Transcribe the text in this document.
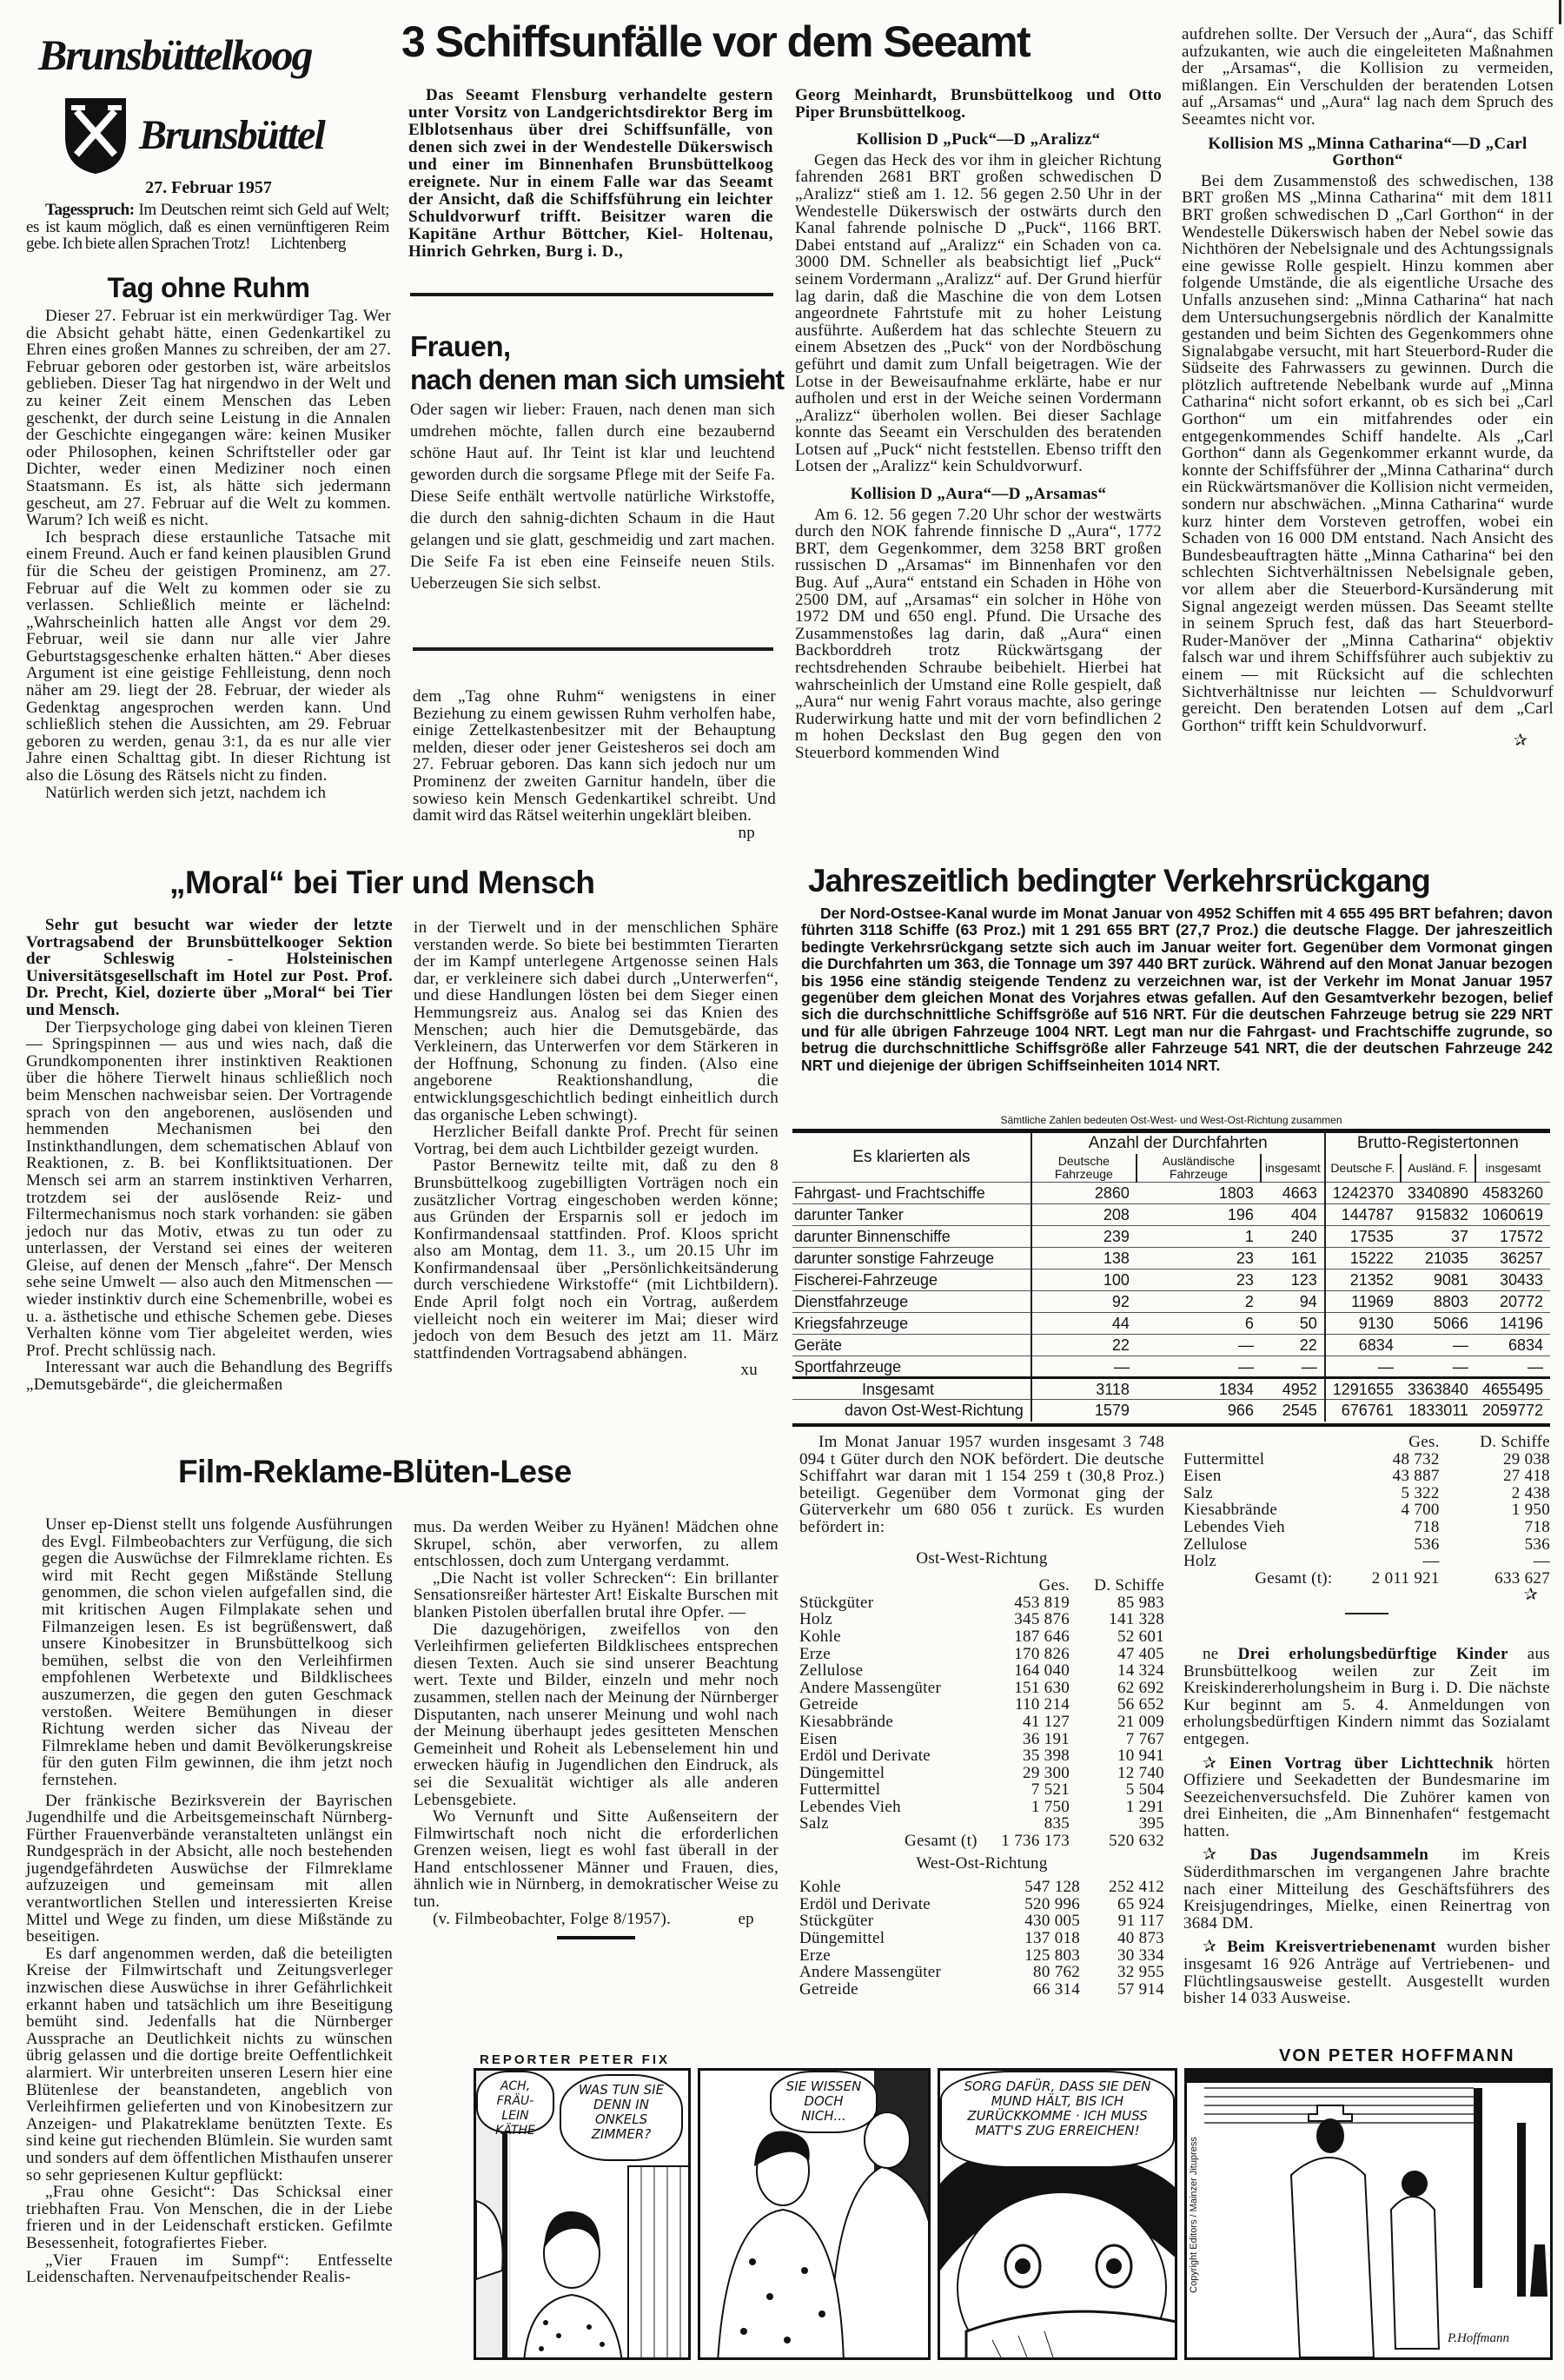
Brunsbüttelkoog
Brunsbüttel
27. Februar 1957

Tagesspruch: Im Deutschen reimt sich Geld auf Welt; es ist kaum möglich, daß es einen vernünftigeren Reim gebe. Ich biete allen Sprachen Trotz!	Lichtenberg

Tag ohne Ruhm

Dieser 27. Februar ist ein merkwürdiger Tag. Wer die Absicht gehabt hätte, einen Gedenkartikel zu Ehren eines großen Mannes zu schreiben, der am 27. Februar geboren oder gestorben ist, wäre arbeitslos geblieben. Dieser Tag hat nirgendwo in der Welt und zu keiner Zeit einem Menschen das Leben geschenkt, der durch seine Leistung in die Annalen der Geschichte eingegangen wäre: keinen Musiker oder Philosophen, keinen Schriftsteller oder gar Dichter, weder einen Mediziner noch einen Staatsmann. Es ist, als hätte sich jedermann gescheut, am 27. Februar auf die Welt zu kommen. Warum? Ich weiß es nicht.

Ich besprach diese erstaunliche Tatsache mit einem Freund. Auch er fand keinen plausiblen Grund für die Scheu der geistigen Prominenz, am 27. Februar auf die Welt zu kommen oder sie zu verlassen. Schließlich meinte er lächelnd: „Wahrscheinlich hatten alle Angst vor dem 29. Februar, weil sie dann nur alle vier Jahre Geburtstagsgeschenke erhalten hätten.“ Aber dieses Argument ist eine geistige Fehlleistung, denn noch näher am 29. liegt der 28. Februar, der wieder als Gedenktag angesprochen werden kann. Und schließlich stehen die Aussichten, am 29. Februar geboren zu werden, genau 3:1, da es nur alle vier Jahre einen Schalttag gibt. In dieser Richtung ist also die Lösung des Rätsels nicht zu finden.

Natürlich werden sich jetzt, nachdem ich

3 Schiffsunfälle vor dem Seeamt
Das Seeamt Flensburg verhandelte gestern unter Vorsitz von Landgerichtsdirektor Berg im Elblotsenhaus über drei Schiffsunfälle, von denen sich zwei in der Wendestelle Dükerswisch und einer im Binnenhafen Brunsbüttelkoog ereignete. Nur in einem Falle war das Seeamt der Ansicht, daß die Schiffsführung ein leichter Schuldvorwurf trifft. Beisitzer waren die Kapitäne Arthur Böttcher, Kiel- Holtenau, Hinrich Gehrken, Burg i. D.,

Georg Meinhardt, Brunsbüttelkoog und Otto Piper Brunsbüttelkoog.

Kollision D „Puck“—D „Aralizz“

Gegen das Heck des vor ihm in gleicher Richtung fahrenden 2681 BRT großen schwedischen D „Aralizz“ stieß am 1. 12. 56 gegen 2.50 Uhr in der Wendestelle Dükerswisch der ostwärts durch den Kanal fahrende polnische D „Puck“, 1166 BRT. Dabei entstand auf „Aralizz“ ein Schaden von ca. 3000 DM. Schneller als beabsichtigt lief „Puck“ seinem Vordermann „Aralizz“ auf. Der Grund hierfür lag darin, daß die Maschine die von dem Lotsen angeordnete Fahrtstufe mit zu hoher Leistung ausführte. Außerdem hat das schlechte Steuern zu einem Absetzen des „Puck“ von der Nordböschung geführt und damit zum Unfall beigetragen. Wie der Lotse in der Beweisaufnahme erklärte, habe er nur aufholen und erst in der Weiche seinen Vordermann „Aralizz“ überholen wollen. Bei dieser Sachlage konnte das Seeamt ein Verschulden des beratenden Lotsen auf „Puck“ nicht feststellen. Ebenso trifft den Lotsen der „Aralizz“ kein Schuldvorwurf.

Kollision D „Aura“—D „Arsamas“

Am 6. 12. 56 gegen 7.20 Uhr schor der westwärts durch den NOK fahrende finnische D „Aura“, 1772 BRT, dem Gegenkommer, dem 3258 BRT großen russischen D „Arsamas“ im Binnenhafen vor den Bug. Auf „Aura“ entstand ein Schaden in Höhe von 2500 DM, auf „Arsamas“ ein solcher in Höhe von 1972 DM und 650 engl. Pfund. Die Ursache des Zusammenstoßes lag darin, daß „Aura“ einen Backborddreh trotz Rückwärtsgang der rechtsdrehenden Schraube beibehielt. Hierbei hat wahrscheinlich der Umstand eine Rolle gespielt, daß „Aura“ nur wenig Fahrt voraus machte, also geringe Ruderwirkung hatte und mit der vorn befindlichen 2 m hohen Deckslast den Bug gegen den von Steuerbord kommenden Wind

aufdrehen sollte. Der Versuch der „Aura“, das Schiff aufzukanten, wie auch die eingeleiteten Maßnahmen der „Arsamas“, die Kollision zu vermeiden, mißlangen. Ein Verschulden der beratenden Lotsen auf „Arsamas“ und „Aura“ lag nach dem Spruch des Seeamtes nicht vor.

Kollision MS „Minna Catharina“—D „Carl Gorthon“

Bei dem Zusammenstoß des schwedischen, 138 BRT großen MS „Minna Catharina“ mit dem 1811 BRT großen schwedischen D „Carl Gorthon“ in der Wendestelle Dükerswisch haben der Nebel sowie das Nichthören der Nebelsignale und des Achtungssignals eine gewisse Rolle gespielt. Hinzu kommen aber folgende Umstände, die als eigentliche Ursache des Unfalls anzusehen sind: „Minna Catharina“ hat nach dem Untersuchungsergebnis nördlich der Kanalmitte gestanden und beim Sichten des Gegenkommers ohne Signalabgabe versucht, mit hart Steuerbord-Ruder die Südseite des Fahrwassers zu gewinnen. Durch die plötzlich auftretende Nebelbank wurde auf „Minna Catharina“ nicht sofort erkannt, ob es sich bei „Carl Gorthon“ um ein mitfahrendes oder ein entgegenkommendes Schiff handelte. Als „Carl Gorthon“ dann als Gegenkommer erkannt wurde, da konnte der Schiffsführer der „Minna Catharina“ durch ein Rückwärtsmanöver die Kollision nicht vermeiden, sondern nur abschwächen. „Minna Catharina“ wurde kurz hinter dem Vorsteven getroffen, wobei ein Schaden von 16 000 DM entstand. Nach Ansicht des Bundesbeauftragten hätte „Minna Catharina“ bei den schlechten Sichtverhältnissen Nebelsignale geben, vor allem aber die Steuerbord-Kursänderung mit Signal angezeigt werden müssen. Das Seeamt stellte in seinem Spruch fest, daß das hart Steuerbord-Ruder-Manöver der „Minna Catharina“ objektiv falsch war und ihrem Schiffsführer auch subjektiv zu einem — mit Rücksicht auf die schlechten Sichtverhältnisse nur leichten — Schuldvorwurf gereicht. Den beratenden Lotsen auf dem „Carl Gorthon“ trifft kein Schuldvorwurf.

✰
Frauen,
nach denen man sich umsieht
Oder sagen wir lieber: Frauen, nach denen man sich umdrehen möchte, fallen durch eine bezaubernd schöne Haut auf. Ihr Teint ist klar und leuchtend geworden durch die sorgsame Pflege mit der Seife Fa. Diese Seife enthält wertvolle natürliche Wirkstoffe, die durch den sahnig-dichten Schaum in die Haut gelangen und sie glatt, geschmeidig und zart machen. Die Seife Fa ist eben eine Feinseife neuen Stils. Ueberzeugen Sie sich selbst.

dem „Tag ohne Ruhm“ wenigstens in einer Beziehung zu einem gewissen Ruhm verholfen habe, einige Zettelkastenbesitzer mit der Behauptung melden, dieser oder jener Geistesheros sei doch am 27. Februar geboren. Das kann sich jedoch nur um Prominenz der zweiten Garnitur handeln, über die sowieso kein Mensch Gedenkartikel schreibt. Und damit wird das Rätsel weiterhin ungeklärt bleiben.

np
„Moral“ bei Tier und Mensch

Sehr gut besucht war wieder der letzte Vortragsabend der Brunsbüttelkooger Sektion der Schleswig - Holsteinischen Universitätsgesellschaft im Hotel zur Post. Prof. Dr. Precht, Kiel, dozierte über „Moral“ bei Tier und Mensch.

Der Tierpsychologe ging dabei von kleinen Tieren — Springspinnen — aus und wies nach, daß die Grundkomponenten ihrer instinktiven Reaktionen über die höhere Tierwelt hinaus schließlich noch beim Menschen nachweisbar seien. Der Vortragende sprach von den angeborenen, auslösenden und hemmenden Mechanismen bei den Instinkthandlungen, dem schematischen Ablauf von Reaktionen, z. B. bei Konfliktsituationen. Der Mensch sei arm an starrem instinktiven Verharren, trotzdem sei der auslösende Reiz- und Filtermechanismus noch stark vorhanden: sie gäben jedoch nur das Motiv, etwas zu tun oder zu unterlassen, der Verstand sei eines der weiteren Gleise, auf denen der Mensch „fahre“. Der Mensch sehe seine Umwelt — also auch den Mitmenschen — wieder instinktiv durch eine Schemenbrille, wobei es u. a. ästhetische und ethische Schemen gebe. Dieses Verhalten könne vom Tier abgeleitet werden, wies Prof. Precht schlüssig nach.

Interessant war auch die Behandlung des Begriffs „Demutsgebärde“, die gleichermaßen

in der Tierwelt und in der menschlichen Sphäre verstanden werde. So biete bei bestimmten Tierarten der im Kampf unterlegene Artgenosse seinen Hals dar, er verkleinere sich dabei durch „Unterwerfen“, und diese Handlungen lösten bei dem Sieger einen Hemmungsreiz aus. Analog sei das Knien des Menschen; auch hier die Demutsgebärde, das Verkleinern, das Unterwerfen vor dem Stärkeren in der Hoffnung, Schonung zu finden. (Also eine angeborene Reaktionshandlung, die entwicklungsgeschichtlich bedingt einheitlich durch das organische Leben schwingt).

Herzlicher Beifall dankte Prof. Precht für seinen Vortrag, bei dem auch Lichtbilder gezeigt wurden.

Pastor Bernewitz teilte mit, daß zu den 8 Brunsbüttelkoog zugebilligten Vorträgen noch ein zusätzlicher Vortrag eingeschoben werden könne; aus Gründen der Ersparnis soll er jedoch im Konfirmandensaal stattfinden. Prof. Kloos spricht also am Montag, dem 11. 3., um 20.15 Uhr im Konfirmandensaal über „Persönlichkeitsänderung durch verschiedene Wirkstoffe“ (mit Lichtbildern). Ende April folgt noch ein Vortrag, außerdem vielleicht noch ein weiterer im Mai; dieser wird jedoch von dem Besuch des jetzt am 11. März stattfindenden Vortragsabend abhängen.

xu
Jahreszeitlich bedingter Verkehrsrückgang
Der Nord-Ostsee-Kanal wurde im Monat Januar von 4952 Schiffen mit 4 655 495 BRT befahren; davon führten 3118 Schiffe (63 Proz.) mit 1 291 655 BRT (27,7 Proz.) die deutsche Flagge. Der jahreszeitlich bedingte Verkehrsrückgang setzte sich auch im Januar weiter fort. Gegenüber dem Vormonat gingen die Durchfahrten um 363, die Tonnage um 397 440 BRT zurück. Während auf den Monat Januar bezogen bis 1956 eine ständig steigende Tendenz zu verzeichnen war, ist der Verkehr im Monat Januar 1957 gegenüber dem gleichen Monat des Vorjahres etwas gefallen. Auf den Gesamtverkehr bezogen, belief sich die durchschnittliche Schiffsgröße auf 516 NRT. Für die deutschen Fahrzeuge betrug sie 229 NRT und für alle übrigen Fahrzeuge 1004 NRT. Legt man nur die Fahrgast- und Frachtschiffe zugrunde, so betrug die durchschnittliche Schiffsgröße aller Fahrzeuge 541 NRT, die der deutschen Fahrzeuge 242 NRT und diejenige der übrigen Schiffseinheiten 1014 NRT.
Sämtliche Zahlen bedeuten Ost-West- und West-Ost-Richtung zusammen
Es klarierten als	Anzahl der Durchfahrten			Brutto-Registertonnen		
	Deutsche Fahrzeuge	Ausländische Fahrzeuge	insgesamt	Deutsche F.	Ausländ. F.	insgesamt
Fahrgast- und Frachtschiffe	2860	1803	4663	1242370	3340890	4583260
darunter Tanker	208	196	404	144787	915832	1060619
darunter Binnenschiffe	239	1	240	17535	37	17572
darunter sonstige Fahrzeuge	138	23	161	15222	21035	36257
Fischerei-Fahrzeuge	100	23	123	21352	9081	30433
Dienstfahrzeuge	92	2	94	11969	8803	20772
Kriegsfahrzeuge	44	6	50	9130	5066	14196
Geräte	22	—	22	6834	—	6834
Sportfahrzeuge	—	—	—	—	—	—
Insgesamt	3118	1834	4952	1291655	3363840	4655495
davon Ost-West-Richtung	1579	966	2545	676761	1833011	2059772

Im Monat Januar 1957 wurden insgesamt 3 748 094 t Güter durch den NOK befördert. Die deutsche Schiffahrt war daran mit 1 154 259 t (30,8 Proz.) beteiligt. Gegenüber dem Vormonat ging der Güterverkehr um 680 056 t zurück. Es wurden befördert in:

Ost-West-Richtung
	Ges.	D. Schiffe
Stückgüter	453 819	85 983
Holz	345 876	141 328
Kohle	187 646	52 601
Erze	170 826	47 405
Zellulose	164 040	14 324
Andere Massengüter	151 630	62 692
Getreide	110 214	56 652
Kiesabbrände	41 127	21 009
Eisen	36 191	7 767
Erdöl und Derivate	35 398	10 941
Düngemittel	29 300	12 740
Futtermittel	7 521	5 504
Lebendes Vieh	1 750	1 291
Salz	835	395
Gesamt (t)	1 736 173	520 632
West-Ost-Richtung
Kohle	547 128	252 412
Erdöl und Derivate	520 996	65 924
Stückgüter	430 005	91 117
Düngemittel	137 018	40 873
Erze	125 803	30 334
Andere Massengüter	80 762	32 955
Getreide	66 314	57 914
	Ges.	D. Schiffe
Futtermittel	48 732	29 038
Eisen	43 887	27 418
Salz	5 322	2 438
Kiesabbrände	4 700	1 950
Lebendes Vieh	718	718
Zellulose	536	536
Holz	—	—
Gesamt (t):	2 011 921	633 627
✰

ne Drei erholungsbedürftige Kinder aus Brunsbüttelkoog weilen zur Zeit im Kreiskindererholungsheim in Burg i. D. Die nächste Kur beginnt am 5. 4. Anmeldungen von erholungsbedürftigen Kindern nimmt das Sozialamt entgegen.

✰ Einen Vortrag über Lichttechnik hörten Offiziere und Seekadetten der Bundesmarine im Seezeichenversuchsfeld. Die Zuhörer kamen von drei Einheiten, die „Am Binnenhafen“ festgemacht hatten.

✰ Das Jugendsammeln im Kreis Süderdithmarschen im vergangenen Jahre brachte nach einer Mitteilung des Geschäftsführers des Kreisjugendringes, Mielke, einen Reinertrag von 3684 DM.

✰ Beim Kreisvertriebenenamt wurden bisher insgesamt 16 926 Anträge auf Vertriebenen- und Flüchtlingsausweise gestellt. Ausgestellt wurden bisher 14 033 Ausweise.

Film-Reklame-Blüten-Lese

Unser ep-Dienst stellt uns folgende Ausführungen des Evgl. Filmbeobachters zur Verfügung, die sich gegen die Auswüchse der Filmreklame richten. Es wird mit Recht gegen Mißstände Stellung genommen, die schon vielen aufgefallen sind, die mit kritischen Augen Filmplakate sehen und Filmanzeigen lesen. Es ist begrüßenswert, daß unsere Kinobesitzer in Brunsbüttelkoog sich bemühen, selbst die von den Verleihfirmen empfohlenen Werbetexte und Bildklischees auszumerzen, die gegen den guten Geschmack verstoßen. Weitere Bemühungen in dieser Richtung werden sicher das Niveau der Filmreklame heben und damit Bevölkerungskreise für den guten Film gewinnen, die ihm jetzt noch fernstehen.

Der fränkische Bezirksverein der Bayrischen Jugendhilfe und die Arbeitsgemeinschaft Nürnberg-Fürther Frauenverbände veranstalteten unlängst ein Rundgespräch in der Absicht, alle noch bestehenden jugendgefährdeten Auswüchse der Filmreklame aufzuzeigen und gemeinsam mit allen verantwortlichen Stellen und interessierten Kreise Mittel und Wege zu finden, um diese Mißstände zu beseitigen.

Es darf angenommen werden, daß die beteiligten Kreise der Filmwirtschaft und Zeitungsverleger inzwischen diese Auswüchse in ihrer Gefährlichkeit erkannt haben und tatsächlich um ihre Beseitigung bemüht sind. Jedenfalls hat die Nürnberger Aussprache an Deutlichkeit nichts zu wünschen übrig gelassen und die dortige breite Oeffentlichkeit alarmiert. Wir unterbreiten unseren Lesern hier eine Blütenlese der beanstandeten, angeblich von Verleihfirmen gelieferten und von Kinobesitzern zur Anzeigen- und Plakatreklame benützten Texte. Es sind keine gut riechenden Blümlein. Sie wurden samt und sonders auf dem öffentlichen Misthaufen unserer so sehr gepriesenen Kultur gepflückt:

„Frau ohne Gesicht“: Das Schicksal einer triebhaften Frau. Von Menschen, die in der Liebe frieren und in der Leidenschaft ersticken. Gefilmte Besessenheit, fotografiertes Fieber.

„Vier Frauen im Sumpf“: Entfesselte Leidenschaften. Nervenaufpeitschender Realis-

mus. Da werden Weiber zu Hyänen! Mädchen ohne Skrupel, schön, aber verworfen, zu allem entschlossen, doch zum Untergang verdammt.

„Die Nacht ist voller Schrecken“: Ein brillanter Sensationsreißer härtester Art! Eiskalte Burschen mit blanken Pistolen überfallen brutal ihre Opfer. —

Die dazugehörigen, zweifellos von den Verleihfirmen gelieferten Bildklischees entsprechen diesen Texten. Auch sie sind unserer Beachtung wert. Texte und Bilder, einzeln und mehr noch zusammen, stellen nach der Meinung der Nürnberger Disputanten, nach unserer Meinung und wohl nach der Meinung überhaupt jedes gesitteten Menschen Gemeinheit und Roheit als Lebenselement hin und erwecken häufig in Jugendlichen den Eindruck, als sei die Sexualität wichtiger als alle anderen Lebensgebiete.

Wo Vernunft und Sitte Außenseitern der Filmwirtschaft noch nicht die erforderlichen Grenzen weisen, liegt es wohl fast überall in der Hand entschlossener Männer und Frauen, dies, ähnlich wie in Nürnberg, in demokratischer Weise zu tun.

(v. Filmbeobachter, Folge 8/1957).	ep

REPORTER PETER FIX	VON PETER HOFFMANN
ACH, FRÄU-LEIN KÄTHE
WAS TUN SIE DENN IN ONKELS ZIMMER?
SIE WISSEN DOCH NICH...
SORG DAFÜR, DASS SIE DEN MUND HÄLT, BIS ICH ZURÜCKKOMME · ICH MUSS MATT'S ZUG ERREICHEN!
Copyright Editors / Mainzer Jitupress
P.Hoffmann
